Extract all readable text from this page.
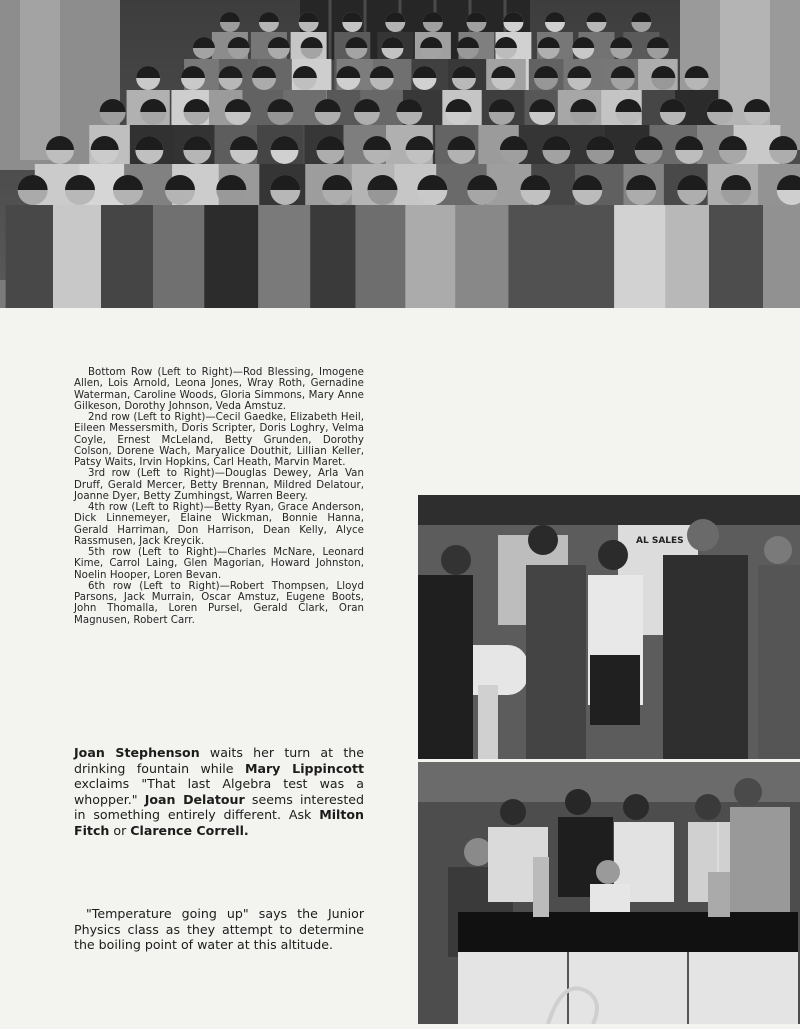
Bottom Row (Left to Right)—Rod Blessing, Imogene Allen, Lois Arnold, Leona Jones, Wray Roth, Gernadine Waterman, Caroline Woods, Gloria Simmons, Mary Anne Gilkeson, Dorothy Johnson, Veda Amstuz.

2nd row (Left to Right)—Cecil Gaedke, Elizabeth Heil, Eileen Messersmith, Doris Scripter, Doris Loghry, Velma Coyle, Ernest McLeland, Betty Grunden, Dorothy Colson, Dorene Wach, Maryalice Douthit, Lillian Keller, Patsy Waits, Irvin Hopkins, Carl Heath, Marvin Maret.

3rd row (Left to Right)—Douglas Dewey, Arla Van Druff, Gerald Mercer, Betty Brennan, Mildred Delatour, Joanne Dyer, Betty Zumhingst, Warren Beery.

4th row (Left to Right)—Betty Ryan, Grace Anderson, Dick Linnemeyer, Elaine Wickman, Bonnie Hanna, Gerald Harriman, Don Harrison, Dean Kelly, Alyce Rassmusen, Jack Kreycik.

5th row (Left to Right)—Charles McNare, Leonard Kime, Carrol Laing, Glen Magorian, Howard Johnston, Noelin Hooper, Loren Bevan.

6th row (Left to Right)—Robert Thompsen, Lloyd Parsons, Jack Murrain, Oscar Amstuz, Eugene Boots, John Thomalla, Loren Pursel, Gerald Clark, Oran Magnusen, Robert Carr.

Joan Stephenson waits her turn at the drinking fountain while Mary Lippincott exclaims "That last Algebra test was a whopper." Joan Delatour seems interested in something entirely different. Ask Milton Fitch or Clarence Correll.
"Temperature going up" says the Junior Physics class as they attempt to determine the boiling point of water at this altitude.
AL SALES
